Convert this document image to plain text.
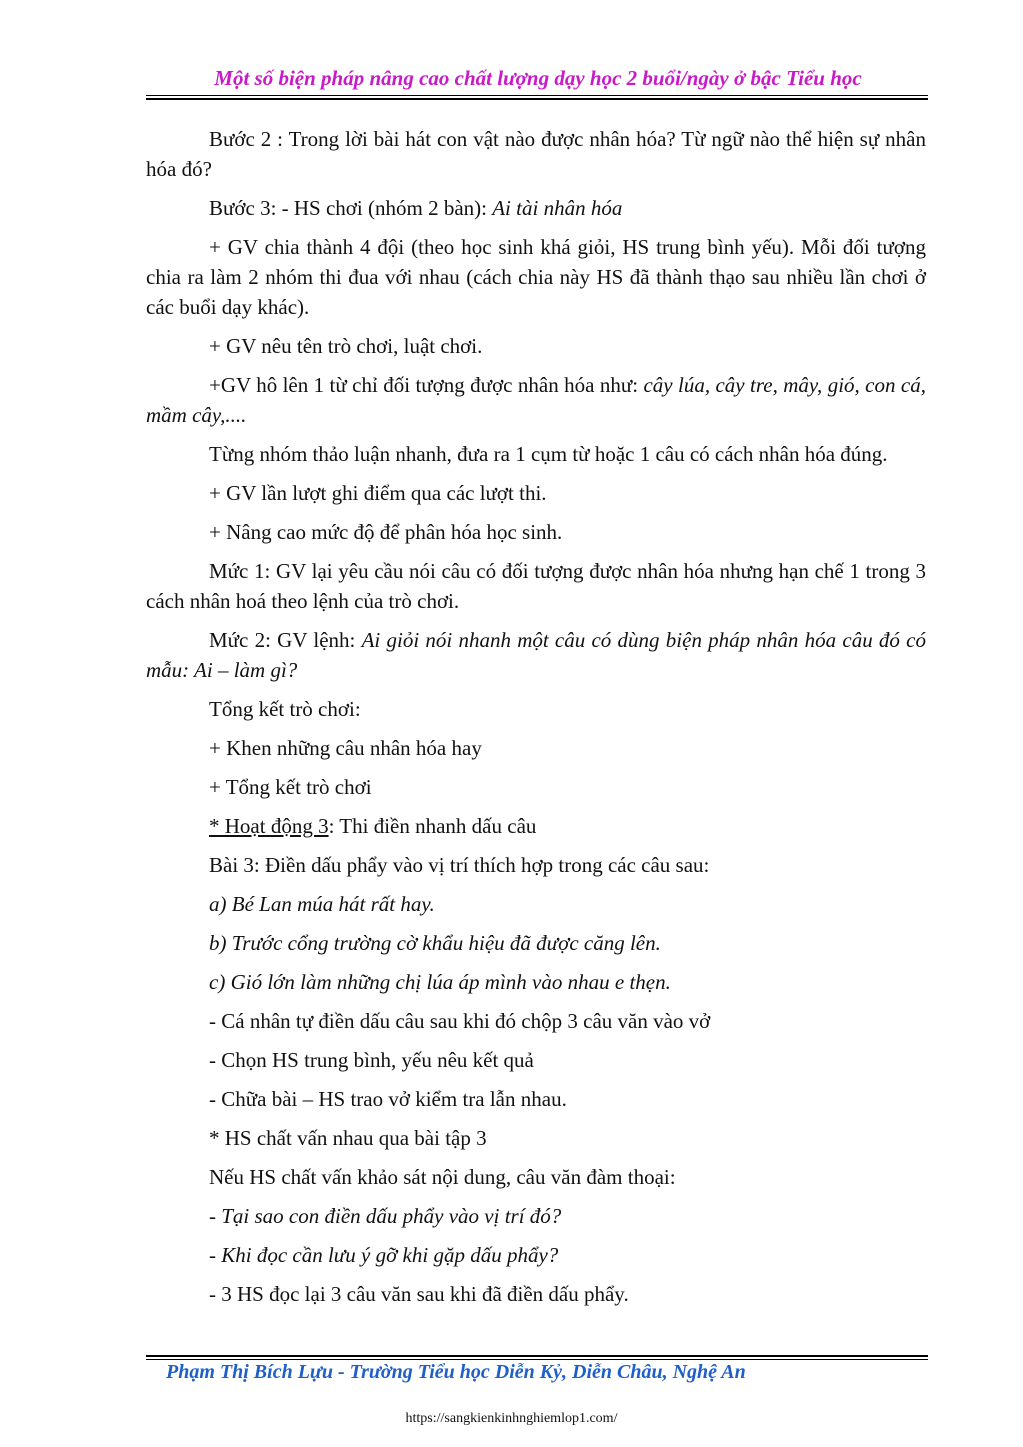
Một số biện pháp nâng cao chất lượng dạy học 2 buổi/ngày ở bậc Tiểu học

Bước 2 : Trong lời bài hát con vật nào được nhân hóa? Từ ngữ nào thể hiện sự nhân hóa đó?

Bước 3: - HS chơi (nhóm 2 bàn): Ai tài nhân hóa

+ GV chia thành 4 đội (theo học sinh khá giỏi, HS trung bình yếu). Mỗi đối tượng chia ra làm 2 nhóm thi đua với nhau (cách chia này HS đã thành thạo sau nhiều lần chơi ở các buổi dạy khác).

+ GV nêu tên trò chơi, luật chơi.

+GV hô lên 1 từ chỉ đối tượng được nhân hóa như: cây lúa, cây tre, mây, gió, con cá, mầm cây,....

Từng nhóm thảo luận nhanh, đưa ra 1 cụm từ hoặc 1 câu có cách nhân hóa đúng.

+ GV lần lượt ghi điểm qua các lượt thi.

+ Nâng cao mức độ để phân hóa học sinh.

Mức 1: GV lại yêu cầu nói câu có đối tượng được nhân hóa nhưng hạn chế 1 trong 3 cách nhân hoá theo lệnh của trò chơi.

Mức 2: GV lệnh: Ai giỏi nói nhanh một câu có dùng biện pháp nhân hóa câu đó có mẫu: Ai – làm gì?

Tổng kết trò chơi:

+ Khen những câu nhân hóa hay

+ Tổng kết trò chơi

* Hoạt động 3: Thi điền nhanh dấu câu

Bài 3: Điền dấu phẩy vào vị trí thích hợp trong các câu sau:

a) Bé Lan múa hát rất hay.

b) Trước cổng trường cờ khẩu hiệu đã được căng lên.

c) Gió lớn làm những chị lúa áp mình vào nhau e thẹn.

- Cá nhân tự điền dấu câu sau khi đó chộp 3 câu văn vào vở

- Chọn HS trung bình, yếu nêu kết quả

- Chữa bài – HS trao vở kiểm tra lẫn nhau.

* HS chất vấn nhau qua bài tập 3

Nếu HS chất vấn khảo sát nội dung, câu văn đàm thoại:

- Tại sao con điền dấu phẩy vào vị trí đó?

- Khi đọc cần lưu ý gỡ khi gặp dấu phẩy?

- 3 HS đọc lại 3 câu văn sau khi đã điền dấu phẩy.

Phạm Thị Bích Lựu - Trường Tiểu học Diễn Kỷ, Diễn Châu, Nghệ An
https://sangkienkinhnghiemlop1.com/
